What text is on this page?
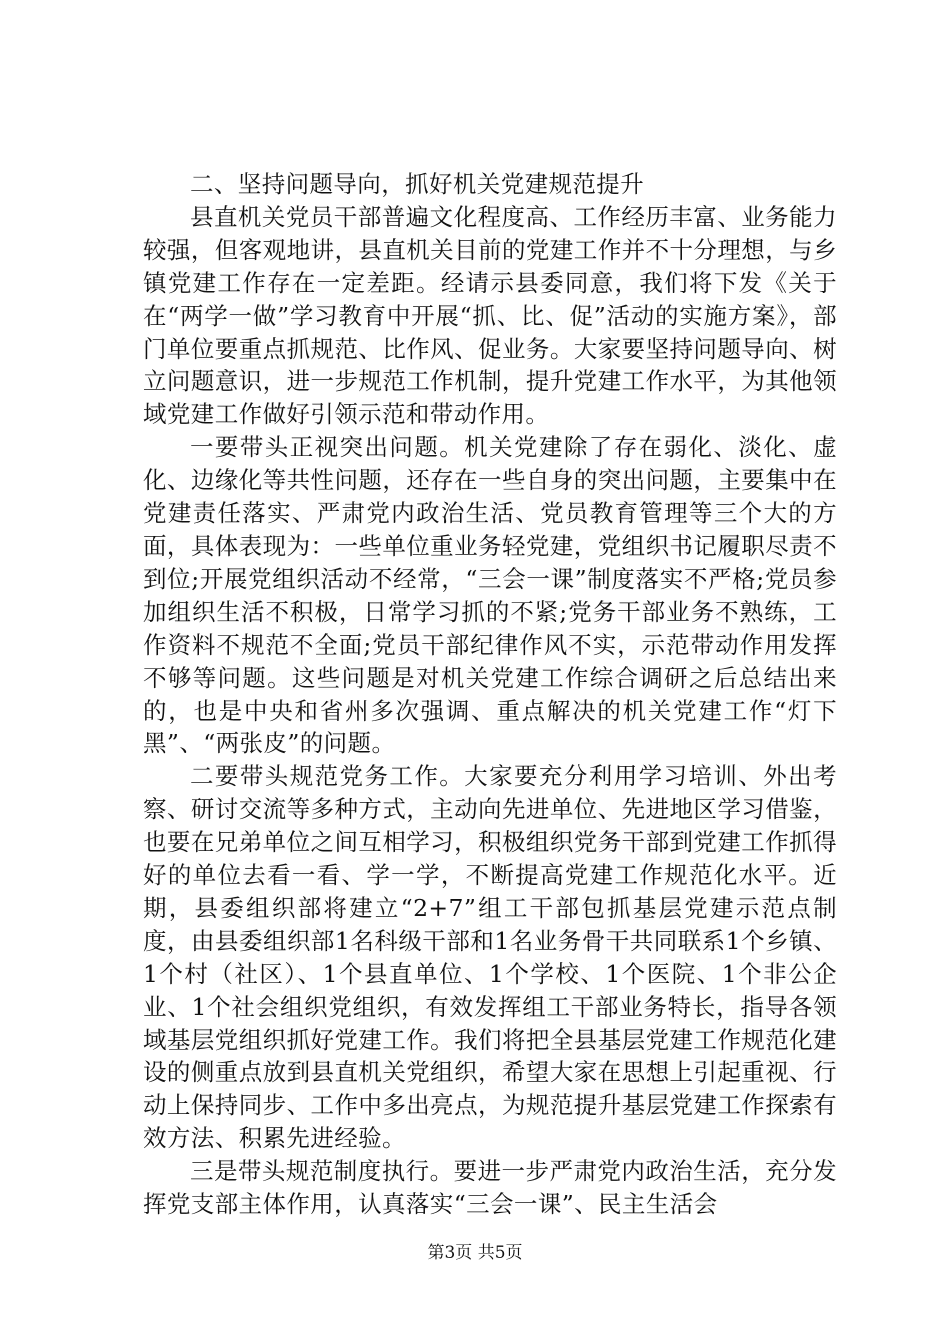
二、坚持问题导向，抓好机关党建规范提升

县直机关党员干部普遍文化程度高、工作经历丰富、业务能力较强，但客观地讲，县直机关目前的党建工作并不十分理想，与乡镇党建工作存在一定差距。经请示县委同意，我们将下发《关于在“两学一做”学习教育中开展“抓、比、促”活动的实施方案》，部门单位要重点抓规范、比作风、促业务。大家要坚持问题导向、树立问题意识，进一步规范工作机制，提升党建工作水平，为其他领域党建工作做好引领示范和带动作用。

一要带头正视突出问题。机关党建除了存在弱化、淡化、虚化、边缘化等共性问题，还存在一些自身的突出问题，主要集中在党建责任落实、严肃党内政治生活、党员教育管理等三个大的方面，具体表现为：一些单位重业务轻党建，党组织书记履职尽责不到位;开展党组织活动不经常，“三会一课”制度落实不严格;党员参加组织生活不积极，日常学习抓的不紧;党务干部业务不熟练，工作资料不规范不全面;党员干部纪律作风不实，示范带动作用发挥不够等问题。这些问题是对机关党建工作综合调研之后总结出来的，也是中央和省州多次强调、重点解决的机关党建工作“灯下黑”、“两张皮”的问题。

二要带头规范党务工作。大家要充分利用学习培训、外出考察、研讨交流等多种方式，主动向先进单位、先进地区学习借鉴，也要在兄弟单位之间互相学习，积极组织党务干部到党建工作抓得好的单位去看一看、学一学，不断提高党建工作规范化水平。近期，县委组织部将建立“2+7”组工干部包抓基层党建示范点制度，由县委组织部1名科级干部和1名业务骨干共同联系1个乡镇、1个村（社区）、1个县直单位、1个学校、1个医院、1个非公企业、1个社会组织党组织，有效发挥组工干部业务特长，指导各领域基层党组织抓好党建工作。我们将把全县基层党建工作规范化建设的侧重点放到县直机关党组织，希望大家在思想上引起重视、行动上保持同步、工作中多出亮点，为规范提升基层党建工作探索有效方法、积累先进经验。

三是带头规范制度执行。要进一步严肃党内政治生活，充分发挥党支部主体作用，认真落实“三会一课”、民主生活会

第3页 共5页
